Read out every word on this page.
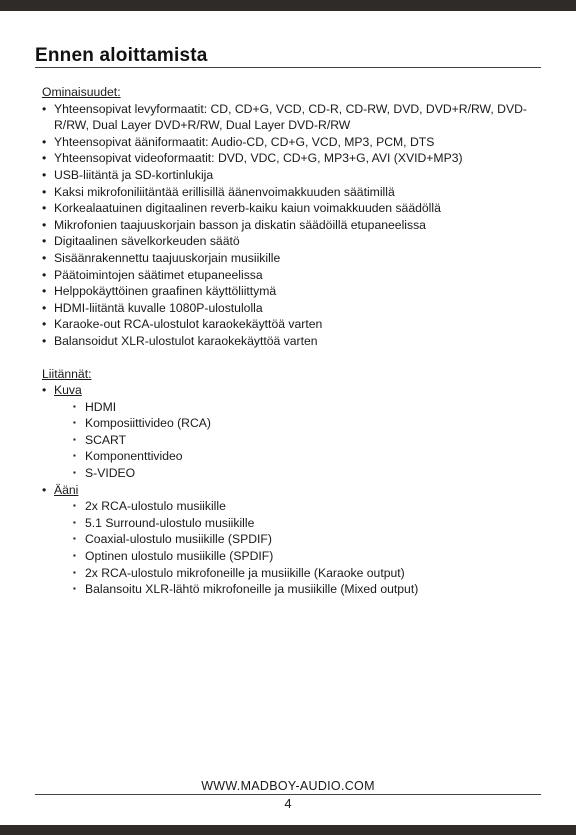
Ennen aloittamista

Ominaisuudet:

• Yhteensopivat levyformaatit: CD, CD+G, VCD, CD-R, CD-RW, DVD, DVD+R/RW, DVD-R/RW, Dual Layer DVD+R/RW, Dual Layer DVD-R/RW
• Yhteensopivat ääniformaatit: Audio-CD, CD+G, VCD, MP3, PCM, DTS
• Yhteensopivat videoformaatit: DVD, VDC, CD+G, MP3+G, AVI (XVID+MP3)
• USB-liitäntä ja SD-kortinlukija
• Kaksi mikrofoniliitäntää erillisillä äänenvoimakkuuden säätimillä
• Korkealaatuinen digitaalinen reverb-kaiku kaiun voimakkuuden säädöllä
• Mikrofonien taajuuskorjain basson ja diskatin säädöillä etupaneelissa
• Digitaalinen sävelkorkeuden säätö
• Sisäänrakennettu taajuuskorjain musiikille
• Päätoimintojen säätimet etupaneelissa
• Helppokäyttöinen graafinen käyttöliittymä
• HDMI-liitäntä kuvalle 1080P-ulostulolla
• Karaoke-out RCA-ulostulot karaokekäyttöä varten
• Balansoidut XLR-ulostulot karaokekäyttöä varten

Liitännät:

• Kuva
▪ HDMI
▪ Komposiittivideo (RCA)
▪ SCART
▪ Komponenttivideo
▪ S-VIDEO
• Ääni
▪ 2x RCA-ulostulo musiikille
▪ 5.1 Surround-ulostulo musiikille
▪ Coaxial-ulostulo musiikille (SPDIF)
▪ Optinen ulostulo musiikille (SPDIF)
▪ 2x RCA-ulostulo mikrofoneille ja musiikille (Karaoke output)
▪ Balansoitu XLR-lähtö mikrofoneille ja musiikille (Mixed output)
WWW.MADBOY-AUDIO.COM
4
